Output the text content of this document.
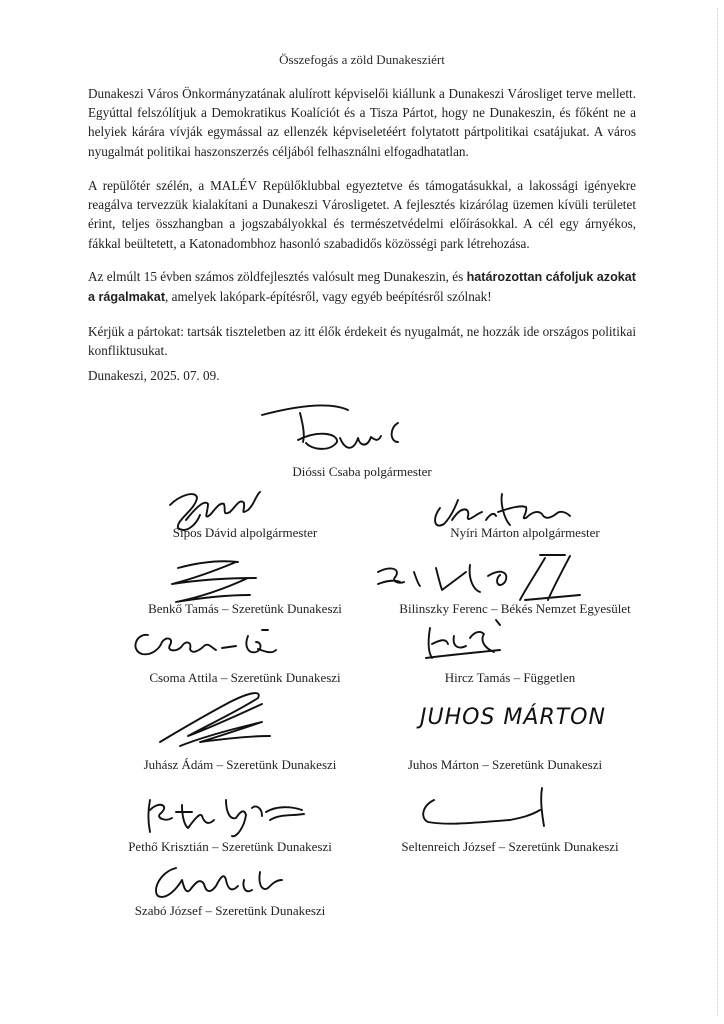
Összefogás a zöld Dunakesziért

Dunakeszi Város Önkormányzatának alulírott képviselői kiállunk a Dunakeszi Városliget terve mellett. Egyúttal felszólítjuk a Demokratikus Koalíciót és a Tisza Pártot, hogy ne Dunakeszin, és főként ne a helyiek kárára vívják egymással az ellenzék képviseletéért folytatott pártpolitikai csatájukat. A város nyugalmát politikai haszonszerzés céljából felhasználni elfogadhatatlan.

A repülőtér szélén, a MALÉV Repülőklubbal egyeztetve és támogatásukkal, a lakossági igényekre reagálva tervezzük kialakítani a Dunakeszi Városligetet. A fejlesztés kizárólag üzemen kívüli területet érint, teljes összhangban a jogszabályokkal és természetvédelmi előírásokkal. A cél egy árnyékos, fákkal beültetett, a Katonadombhoz hasonló szabadidős közösségi park létrehozása.

Az elmúlt 15 évben számos zöldfejlesztés valósult meg Dunakeszin, és határozottan cáfoljuk azokat a rágalmakat, amelyek lakópark-építésről, vagy egyéb beépítésről szólnak!

Kérjük a pártokat: tartsák tiszteletben az itt élők érdekeit és nyugalmát, ne hozzák ide országos politikai konfliktusukat.

Dunakeszi, 2025. 07. 09.
Dióssi Csaba polgármester
Sipos Dávid alpolgármester	Nyíri Márton alpolgármester
Benkő Tamás – Szeretünk Dunakeszi	Bilinszky Ferenc – Békés Nemzet Egyesület
Csoma Attila – Szeretünk Dunakeszi	Hircz Tamás – Független
Juhász Ádám – Szeretünk Dunakeszi
JUHOS MÁRTON
Juhos Márton – Szeretünk Dunakeszi
Pethő Krisztián – Szeretünk Dunakeszi	Seltenreich József – Szeretünk Dunakeszi
Szabó József – Szeretünk Dunakeszi
